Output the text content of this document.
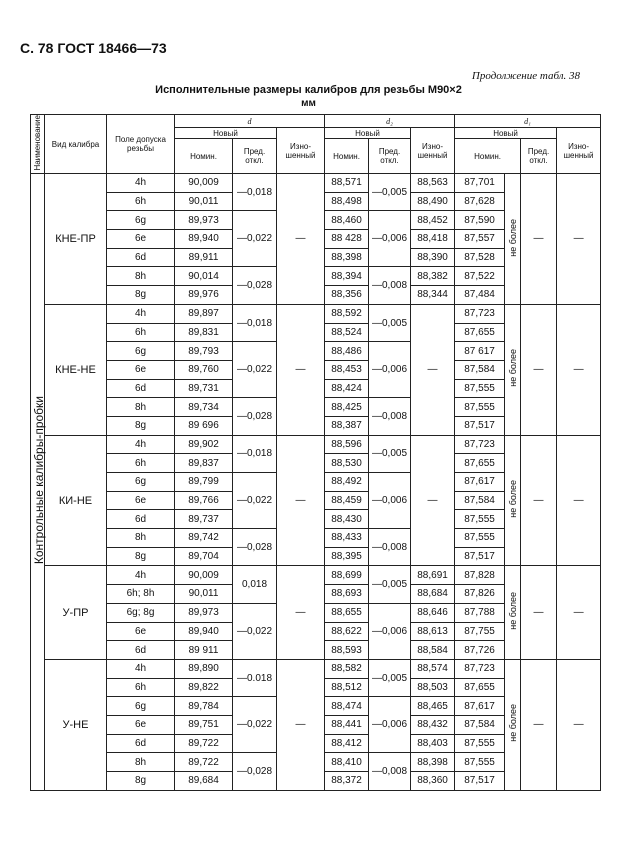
С. 78 ГОСТ 18466—73
Продолжение табл. 38
Исполнительные размеры калибров для резьбы М90×2
мм
Наименование	Вид калибра	Поле допуска резьбы	d			d₂			d₁			
			Новый		Изно-шенный	Новый		Изно-шенный	Новый			Изно-шенный
			Номин.	Пред. откл.		Номин.	Пред. откл.		Номин.		Пред. откл.	
Контрольные калибры-пробки	КНЕ-ПР	4h	90,009	—0,018	—	88,571	—0,005	88,563	87,701	не более	—	—
		6h	90,011			88,498		88,490	87,628			
		6g	89,973	—0,022		88,460	—0,006	88,452	87,590			
		6e	89,940			88 428		88,418	87,557			
		6d	89,911			88,398		88,390	87,528			
		8h	90,014	—0,028		88,394	—0,008	88,382	87,522			
		8g	89,976			88,356		88,344	87,484			
	КНЕ-НЕ	4h	89,897	—0,018	—	88,592	—0,005	—	87,723	не более	—	—
		6h	89,831			88,524			87,655			
		6g	89,793	—0,022		88,486	—0,006		87 617			
		6e	89,760			88,453			87,584			
		6d	89,731			88,424			87,555			
		8h	89,734	—0,028		88,425	—0,008		87,555			
		8g	89 696			88,387			87,517			
	КИ-НЕ	4h	89,902	—0,018	—	88,596	—0,005	—	87,723	не более	—	—
		6h	89,837			88,530			87,655			
		6g	89,799	—0,022		88,492	—0,006		87,617			
		6e	89,766			88,459			87,584			
		6d	89,737			88,430			87,555			
		8h	89,742	—0,028		88,433	—0,008		87,555			
		8g	89,704			88,395			87,517			
	У-ПР	4h	90,009	0,018	—	88,699	—0,005	88,691	87,828	не более	—	—
		6h; 8h	90,011			88,693		88,684	87,826			
		6g; 8g	89,973	—0,022		88,655	—0,006	88,646	87,788			
		6e	89,940			88,622		88,613	87,755			
		6d	89 911			88,593		88,584	87,726			
	У-НЕ	4h	89,890	—0.018	—	88,582	—0,005	88,574	87,723	не более	—	—
		6h	89,822			88,512		88,503	87,655			
		6g	89,784	—0,022		88,474	—0,006	88,465	87,617			
		6e	89,751			88,441		88,432	87,584			
		6d	89,722			88,412		88,403	87,555			
		8h	89,722	—0,028		88,410	—0,008	88,398	87,555			
		8g	89,684			88,372		88,360	87,517			
